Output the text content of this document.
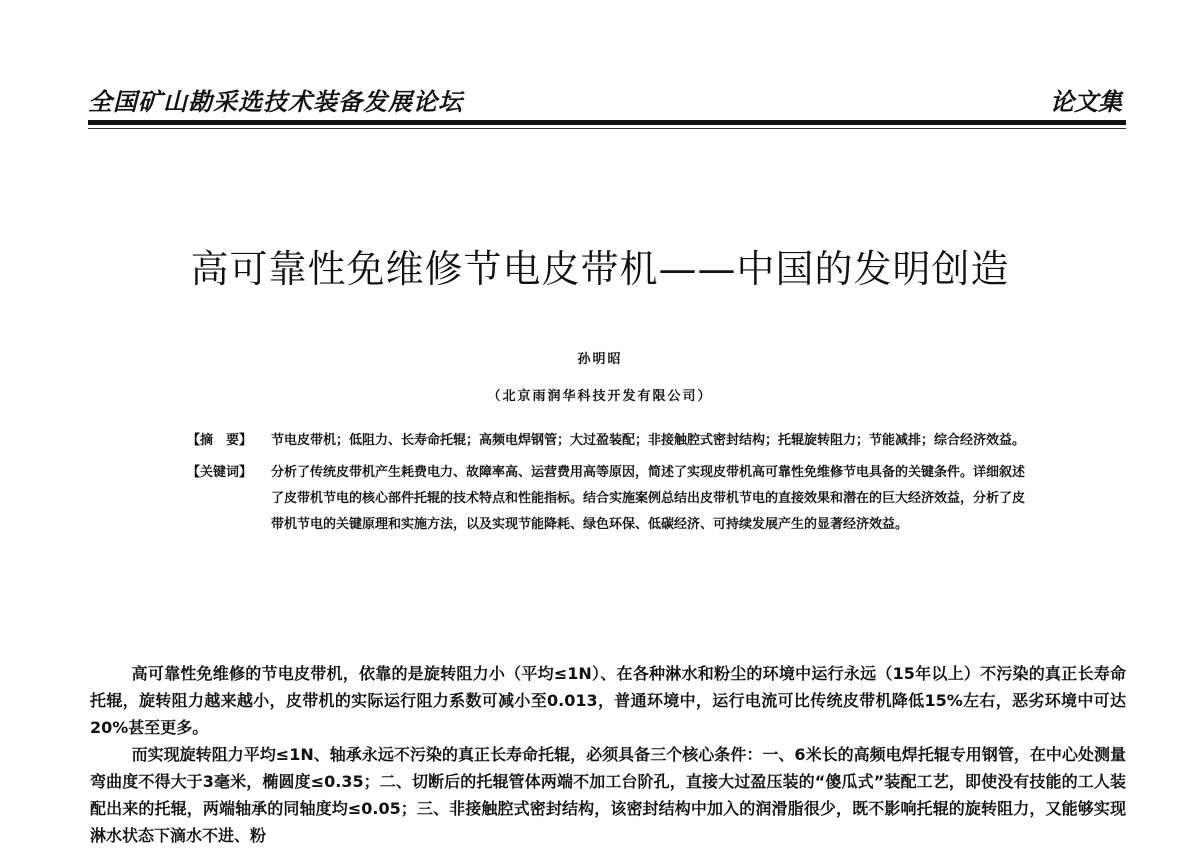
全国矿山勘采选技术装备发展论坛	论文集
高可靠性免维修节电皮带机——中国的发明创造
孙明昭
（北京雨润华科技开发有限公司）
【摘　要】	节电皮带机；低阻力、长寿命托辊；高频电焊钢管；大过盈装配；非接触腔式密封结构；托辊旋转阻力；节能减排；综合经济效益。
【关键词】	分析了传统皮带机产生耗费电力、故障率高、运营费用高等原因，简述了实现皮带机高可靠性免维修节电具备的关键条件。详细叙述了皮带机节电的核心部件托辊的技术特点和性能指标。结合实施案例总结出皮带机节电的直接效果和潜在的巨大经济效益，分析了皮带机节电的关键原理和实施方法，以及实现节能降耗、绿色环保、低碳经济、可持续发展产生的显著经济效益。

高可靠性免维修的节电皮带机，依靠的是旋转阻力小（平均≤1N）、在各种淋水和粉尘的环境中运行永远（15年以上）不污染的真正长寿命托辊，旋转阻力越来越小，皮带机的实际运行阻力系数可减小至0.013，普通环境中，运行电流可比传统皮带机降低15%左右，恶劣环境中可达20%甚至更多。

而实现旋转阻力平均≤1N、轴承永远不污染的真正长寿命托辊，必须具备三个核心条件：一、6米长的高频电焊托辊专用钢管，在中心处测量弯曲度不得大于3毫米，椭圆度≤0.35；二、切断后的托辊管体两端不加工台阶孔，直接大过盈压装的“傻瓜式”装配工艺，即使没有技能的工人装配出来的托辊，两端轴承的同轴度均≤0.05；三、非接触腔式密封结构，该密封结构中加入的润滑脂很少，既不影响托辊的旋转阻力，又能够实现淋水状态下滴水不进、粉
